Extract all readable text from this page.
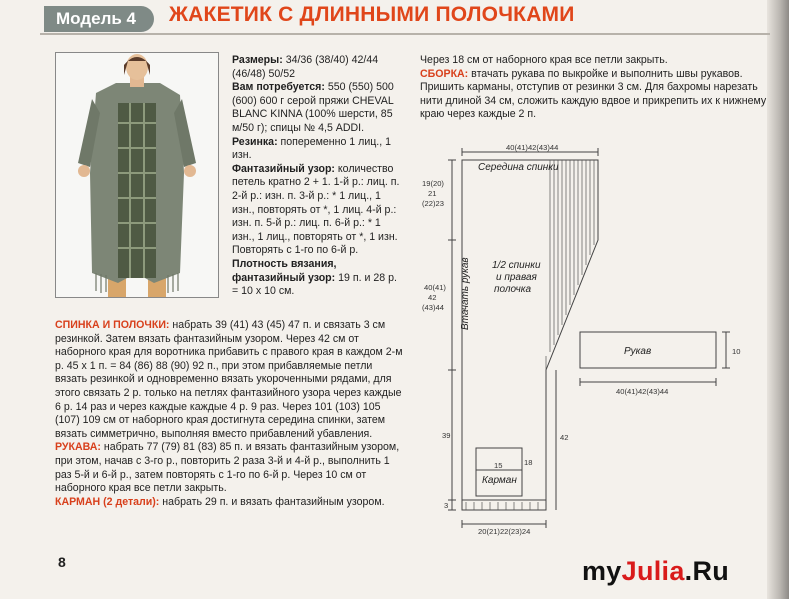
Модель 4 ЖАКЕТИК С ДЛИННЫМИ ПОЛОЧКАМИ

Размеры: 34/36 (38/40) 42/44 (46/48) 50/52

Вам потребуется: 550 (550) 500 (600) 600 г серой пряжи CHEVAL BLANC KINNA (100% шерсти, 85 м/50 г); спицы № 4,5 ADDI.

Резинка: попеременно 1 лиц., 1 изн.

Фантазийный узор: количество петель кратно 2 + 1. 1-й р.: лиц. п. 2-й р.: изн. п. 3-й р.: * 1 лиц., 1 изн., повторять от *, 1 лиц. 4-й р.: изн. п. 5-й р.: лиц. п. 6-й р.: * 1 изн., 1 лиц., повторять от *, 1 изн. Повторять с 1-го по 6-й р.

Плотность вязания, фантазийный узор: 19 п. и 28 р. = 10 х 10 см.

СПИНКА И ПОЛОЧКИ: набрать 39 (41) 43 (45) 47 п. и связать 3 см резинкой. Затем вязать фантазийным узором. Через 42 см от наборного края для воротника прибавить с правого края в каждом 2-м р. 45 х 1 п. = 84 (86) 88 (90) 92 п., при этом прибавляемые петли вязать резинкой и одновременно вязать укороченными рядами, для этого связать 2 р. только на петлях фантазийного узора через каждые 6 р. 14 раз и через каждые каждые 4 р. 9 раз. Через 101 (103) 105 (107) 109 см от наборного края достигнута середина спинки, затем вязать симметрично, выполняя вместо прибавлений убавления.

РУКАВА: набрать 77 (79) 81 (83) 85 п. и вязать фантазийным узором, при этом, начав с 3-го р., повторить 2 раза 3-й и 4-й р., выполнить 1 раз 5-й и 6-й р., затем повторять с 1-го по 6-й р. Через 10 см от наборного края все петли закрыть.

КАРМАН (2 детали): набрать 29 п. и вязать фантазийным узором.

Через 18 см от наборного края все петли закрыть.

СБОРКА: втачать рукава по выкройке и выполнить швы рукавов. Пришить карманы, отступив от резинки 3 см. Для бахромы нарезать нити длиной 34 см, сложить каждую вдвое и прикрепить их к нижнему краю через каждые 2 п.

40(41)42(43)44
Середина спинки
19(20)
21
(22)23
40(41)
42
(43)44
1/2 спинки
и правая
полочка
Втачать рукав
39	42
3
Карман
15	18
20(21)22(23)24
Рукав	10
40(41)42(43)44
8	myJulia.Ru
